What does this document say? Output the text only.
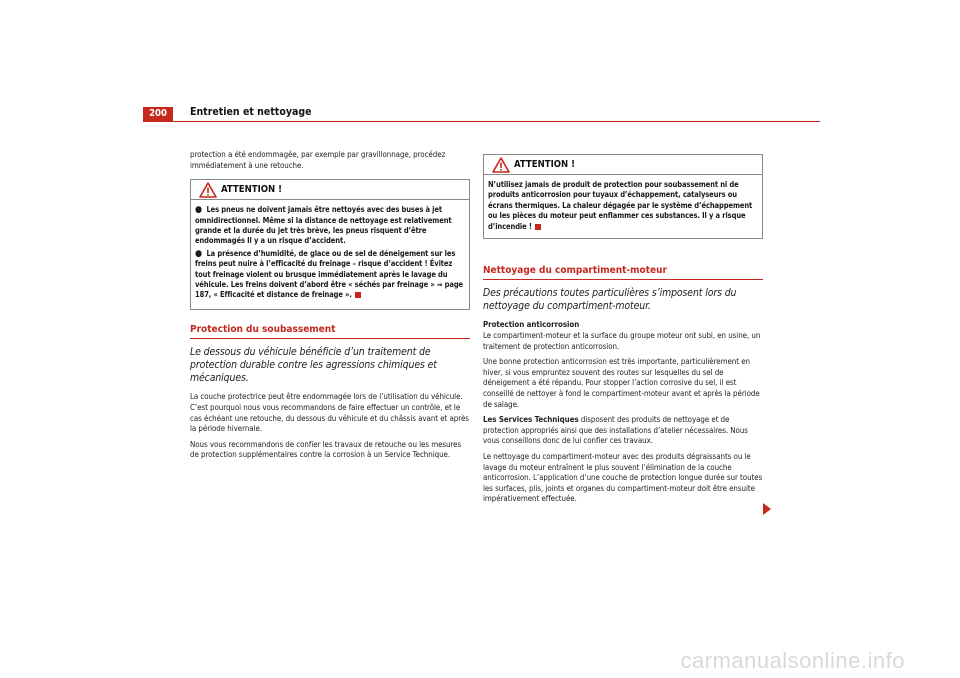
200	Entretien et nettoyage

protection a été endommagée, par exemple par gravillonnage, procédez immédiatement à une retouche.

ATTENTION !
● Les pneus ne doivent jamais être nettoyés avec des buses à jet omnidirectionnel. Même si la distance de nettoyage est relativement grande et la durée du jet très brève, les pneus risquent d’être endommagés Il y a un risque d’accident.
● La présence d’humidité, de glace ou de sel de déneigement sur les freins peut nuire à l’efficacité du freinage – risque d’accident ! Évitez tout freinage violent ou brusque immédiatement après le lavage du véhicule. Les freins doivent d’abord être « séchés par freinage » ⇒ page 187, « Efficacité et distance de freinage ».
Protection du soubassement
Le dessous du véhicule bénéficie d’un traitement de protection durable contre les agressions chimiques et mécaniques.

La couche protectrice peut être endommagée lors de l’utilisation du véhicule. C’est pourquoi nous vous recommandons de faire effectuer un contrôle, et le cas échéant une retouche, du dessous du véhicule et du châssis avant et après la période hivernale.

Nous vous recommandons de confier les travaux de retouche ou les mesures de protection supplémentaires contre la corrosion à un Service Technique.

ATTENTION !
N’utilisez jamais de produit de protection pour soubassement ni de produits anticorrosion pour tuyaux d’échappement, catalyseurs ou écrans thermiques. La chaleur dégagée par le système d’échappement ou les pièces du moteur peut enflammer ces substances. Il y a risque d’incendie !
Nettoyage du compartiment-moteur
Des précautions toutes particulières s’imposent lors du nettoyage du compartiment-moteur.

Protection anticorrosion

Le compartiment-moteur et la surface du groupe moteur ont subi, en usine, un traitement de protection anticorrosion.

Une bonne protection anticorrosion est très importante, particulièrement en hiver, si vous empruntez souvent des routes sur lesquelles du sel de déneigement a été répandu. Pour stopper l’action corrosive du sel, il est conseillé de nettoyer à fond le compartiment-moteur avant et après la période de salage.

Les Services Techniques disposent des produits de nettoyage et de protection appropriés ainsi que des installations d’atelier nécessaires. Nous vous conseillons donc de lui confier ces travaux.

Le nettoyage du compartiment-moteur avec des produits dégraissants ou le lavage du moteur entraînent le plus souvent l’élimination de la couche anticorrosion. L’application d’une couche de protection longue durée sur toutes les surfaces, plis, joints et organes du compartiment-moteur doit être ensuite impérativement effectuée.

carmanualsonline.info
